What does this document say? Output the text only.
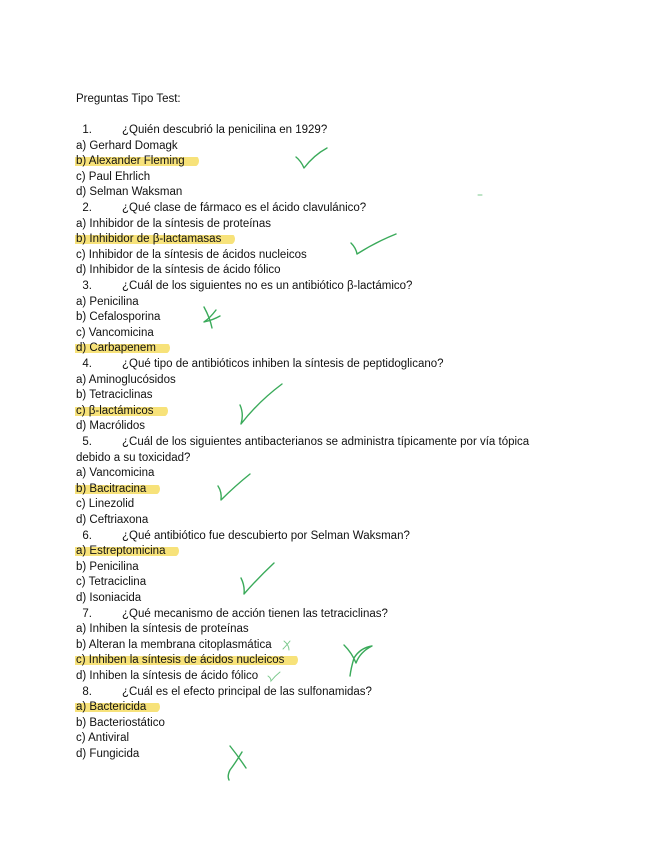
Preguntas Tipo Test:
1.	¿Quién descubrió la penicilina en 1929?
a) Gerhard Domagk
b) Alexander Fleming
c) Paul Ehrlich
d) Selman Waksman
2.	¿Qué clase de fármaco es el ácido clavulánico?
a) Inhibidor de la síntesis de proteínas
b) Inhibidor de β-lactamasas
c) Inhibidor de la síntesis de ácidos nucleicos
d) Inhibidor de la síntesis de ácido fólico
3.	¿Cuál de los siguientes no es un antibiótico β-lactámico?
a) Penicilina
b) Cefalosporina
c) Vancomicina
d) Carbapenem
4.	¿Qué tipo de antibióticos inhiben la síntesis de peptidoglicano?
a) Aminoglucósidos
b) Tetraciclinas
c) β-lactámicos
d) Macrólidos
5.	¿Cuál de los siguientes antibacterianos se administra típicamente por vía tópica
debido a su toxicidad?
a) Vancomicina
b) Bacitracina
c) Linezolid
d) Ceftriaxona
6.	¿Qué antibiótico fue descubierto por Selman Waksman?
a) Estreptomicina
b) Penicilina
c) Tetraciclina
d) Isoniacida
7.	¿Qué mecanismo de acción tienen las tetraciclinas?
a) Inhiben la síntesis de proteínas
b) Alteran la membrana citoplasmática
c) Inhiben la síntesis de ácidos nucleicos
d) Inhiben la síntesis de ácido fólico
8.	¿Cuál es el efecto principal de las sulfonamidas?
a) Bactericida
b) Bacteriostático
c) Antiviral
d) Fungicida
